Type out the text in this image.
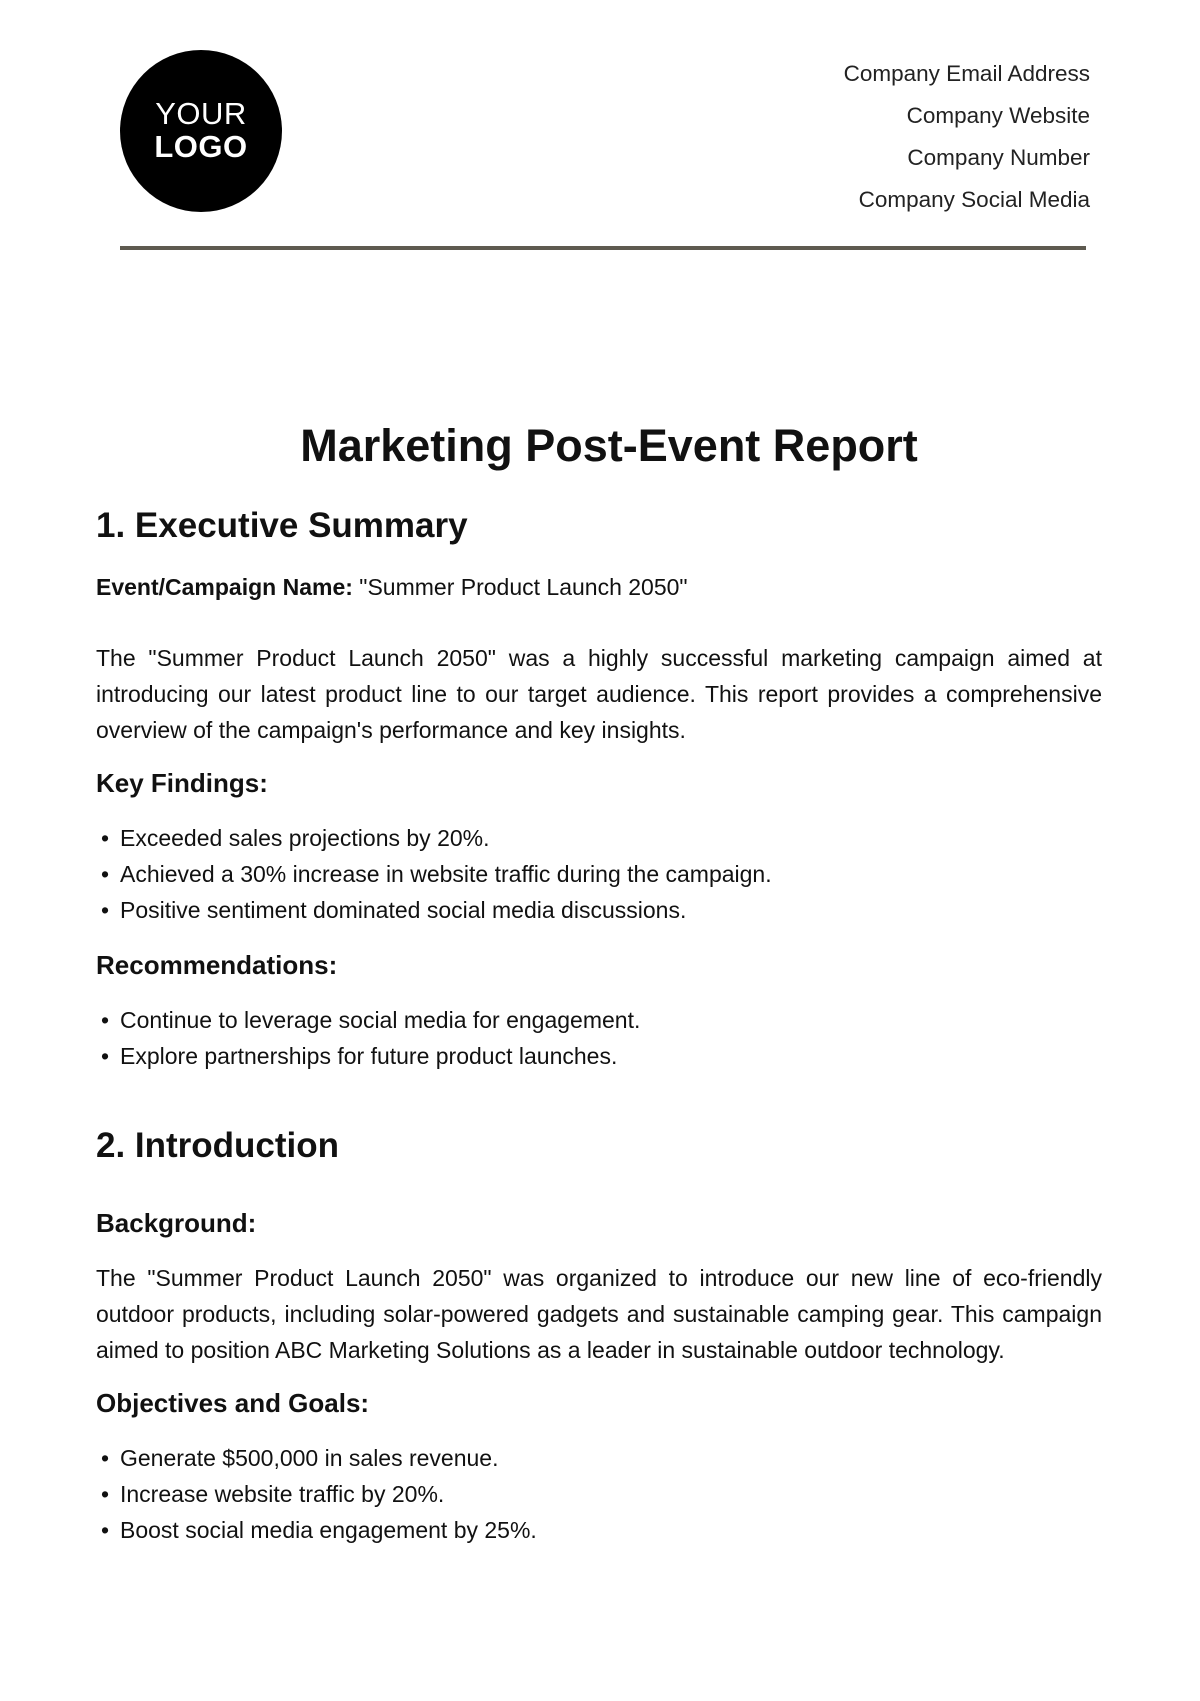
YOUR
LOGO
Company Email Address
Company Website
Company Number
Company Social Media
Marketing Post-Event Report
1. Executive Summary

Event/Campaign Name: "Summer Product Launch 2050"

The "Summer Product Launch 2050" was a highly successful marketing campaign aimed at introducing our latest product line to our target audience. This report provides a comprehensive overview of the campaign's performance and key insights.

Key Findings:
• Exceeded sales projections by 20%.
• Achieved a 30% increase in website traffic during the campaign.
• Positive sentiment dominated social media discussions.
Recommendations:
• Continue to leverage social media for engagement.
• Explore partnerships for future product launches.
2. Introduction
Background:

The "Summer Product Launch 2050" was organized to introduce our new line of eco-friendly outdoor products, including solar-powered gadgets and sustainable camping gear. This campaign aimed to position ABC Marketing Solutions as a leader in sustainable outdoor technology.

Objectives and Goals:
• Generate $500,000 in sales revenue.
• Increase website traffic by 20%.
• Boost social media engagement by 25%.
